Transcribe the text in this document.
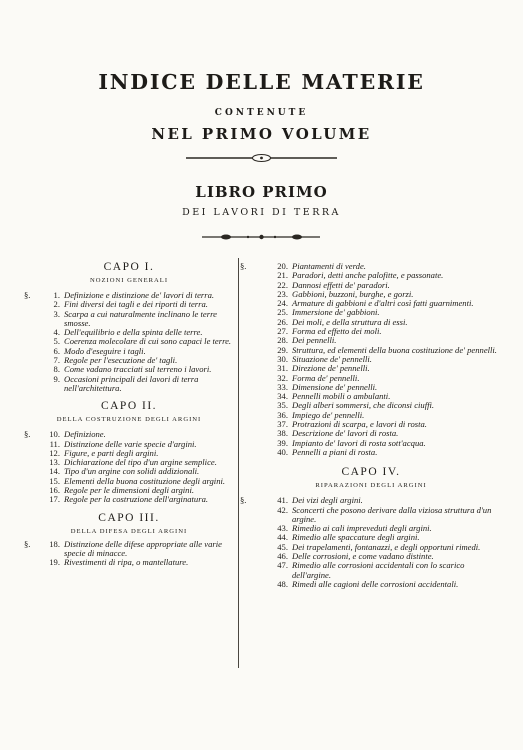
INDICE DELLE MATERIE
CONTENUTE
NEL PRIMO VOLUME
LIBRO PRIMO
DEI LAVORI DI TERRA
CAPO I.
NOZIONI GENERALI
§.	1. Definizione e distinzione de' lavori di terra.
2. Fini diversi dei tagli e dei riporti di terra.
3. Scarpa a cui naturalmente inclinano le terre smosse.
4. Dell'equilibrio e della spinta delle terre.
5. Coerenza molecolare di cui sono capaci le terre.
6. Modo d'eseguire i tagli.
7. Regole per l'esecuzione de' tagli.
8. Come vadano tracciati sul terreno i lavori.
9. Occasioni principali dei lavori di terra nell'architettura.
CAPO II.
DELLA COSTRUZIONE DEGLI ARGINI
§.	10. Definizione.
11. Distinzione delle varie specie d'argini.
12. Figure, e parti degli argini.
13. Dichiarazione del tipo d'un argine semplice.
14. Tipo d'un argine con solidi addizionali.
15. Elementi della buona costituzione degli argini.
16. Regole per le dimensioni degli argini.
17. Regole per la costruzione dell'arginatura.
CAPO III.
DELLA DIFESA DEGLI ARGINI
§.	18. Distinzione delle difese appropriate alle varie specie di minacce.
19. Rivestimenti di ripa, o mantellature.
§.	20. Piantamenti di verde.
21. Paradori, detti anche palofitte, e passonate.
22. Dannosi effetti de' paradori.
23. Gabbioni, buzzoni, burghe, e gorzi.
24. Armature di gabbioni e d'altri così fatti guarnimenti.
25. Immersione de' gabbioni.
26. Dei moli, e della struttura di essi.
27. Forma ed effetto dei moli.
28. Dei pennelli.
29. Struttura, ed elementi della buona costituzione de' pennelli.
30. Situazione de' pennelli.
31. Direzione de' pennelli.
32. Forma de' pennelli.
33. Dimensione de' pennelli.
34. Pennelli mobili o ambulanti.
35. Degli alberi sommersi, che diconsi ciuffi.
36. Impiego de' pennelli.
37. Protrazioni di scarpa, e lavori di rosta.
38. Descrizione de' lavori di rosta.
39. Impianto de' lavori di rosta sott'acqua.
40. Pennelli a piani di rosta.
CAPO IV.
RIPARAZIONI DEGLI ARGINI
§.	41. Dei vizi degli argini.
42. Sconcerti che posono derivare dalla viziosa struttura d'un argine.
43. Rimedio ai cali impreveduti degli argini.
44. Rimedio alle spaccature degli argini.
45. Dei trapelamenti, fontanazzi, e degli opportuni rimedi.
46. Delle corrosioni, e come vadano distinte.
47. Rimedio alle corrosioni accidentali con lo scarico dell'argine.
48. Rimedi alle cagioni delle corrosioni accidentali.
